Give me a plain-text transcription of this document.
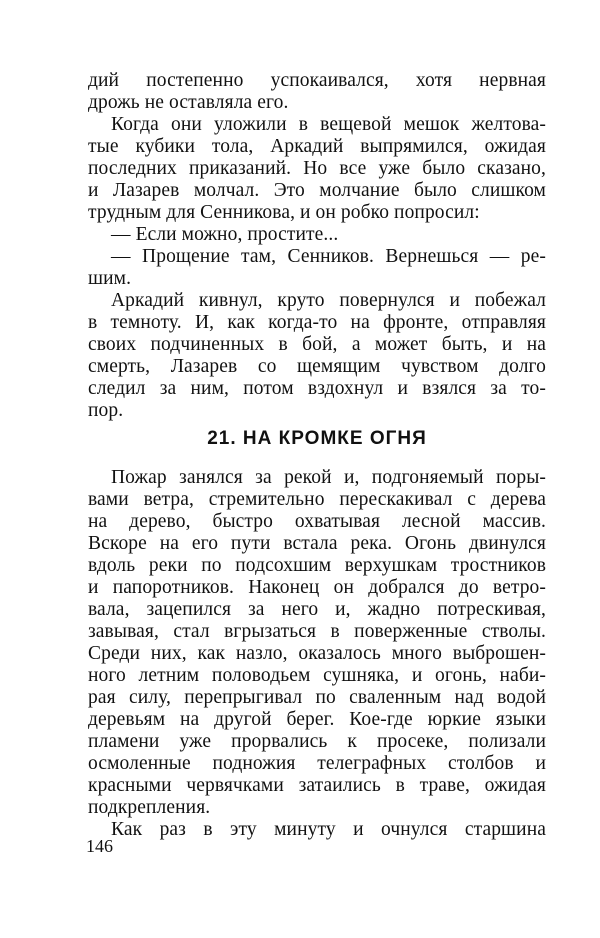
дий постепенно успокаивался, хотя нервная
дрожь не оставляла его.
Когда они уложили в вещевой мешок желтова-
тые кубики тола, Аркадий выпрямился, ожидая
последних приказаний. Но все уже было сказано,
и Лазарев молчал. Это молчание было слишком
трудным для Сенникова, и он робко попросил:
— Если можно, простите...
— Прощение там, Сенников. Вернешься — ре-
шим.
Аркадий кивнул, круто повернулся и побежал
в темноту. И, как когда-то на фронте, отправляя
своих подчиненных в бой, а может быть, и на
смерть, Лазарев со щемящим чувством долго
следил за ним, потом вздохнул и взялся за то-
пор.
21. НА КРОМКЕ ОГНЯ
Пожар занялся за рекой и, подгоняемый поры-
вами ветра, стремительно перескакивал с дерева
на дерево, быстро охватывая лесной массив.
Вскоре на его пути встала река. Огонь двинулся
вдоль реки по подсохшим верхушкам тростников
и папоротников. Наконец он добрался до ветро-
вала, зацепился за него и, жадно потрескивая,
завывая, стал вгрызаться в поверженные стволы.
Среди них, как назло, оказалось много выброшен-
ного летним половодьем сушняка, и огонь, наби-
рая силу, перепрыгивал по сваленным над водой
деревьям на другой берег. Кое-где юркие языки
пламени уже прорвались к просеке, полизали
осмоленные подножия телеграфных столбов и
красными червячками затаились в траве, ожидая
подкрепления.
Как раз в эту минуту и очнулся старшина
146
